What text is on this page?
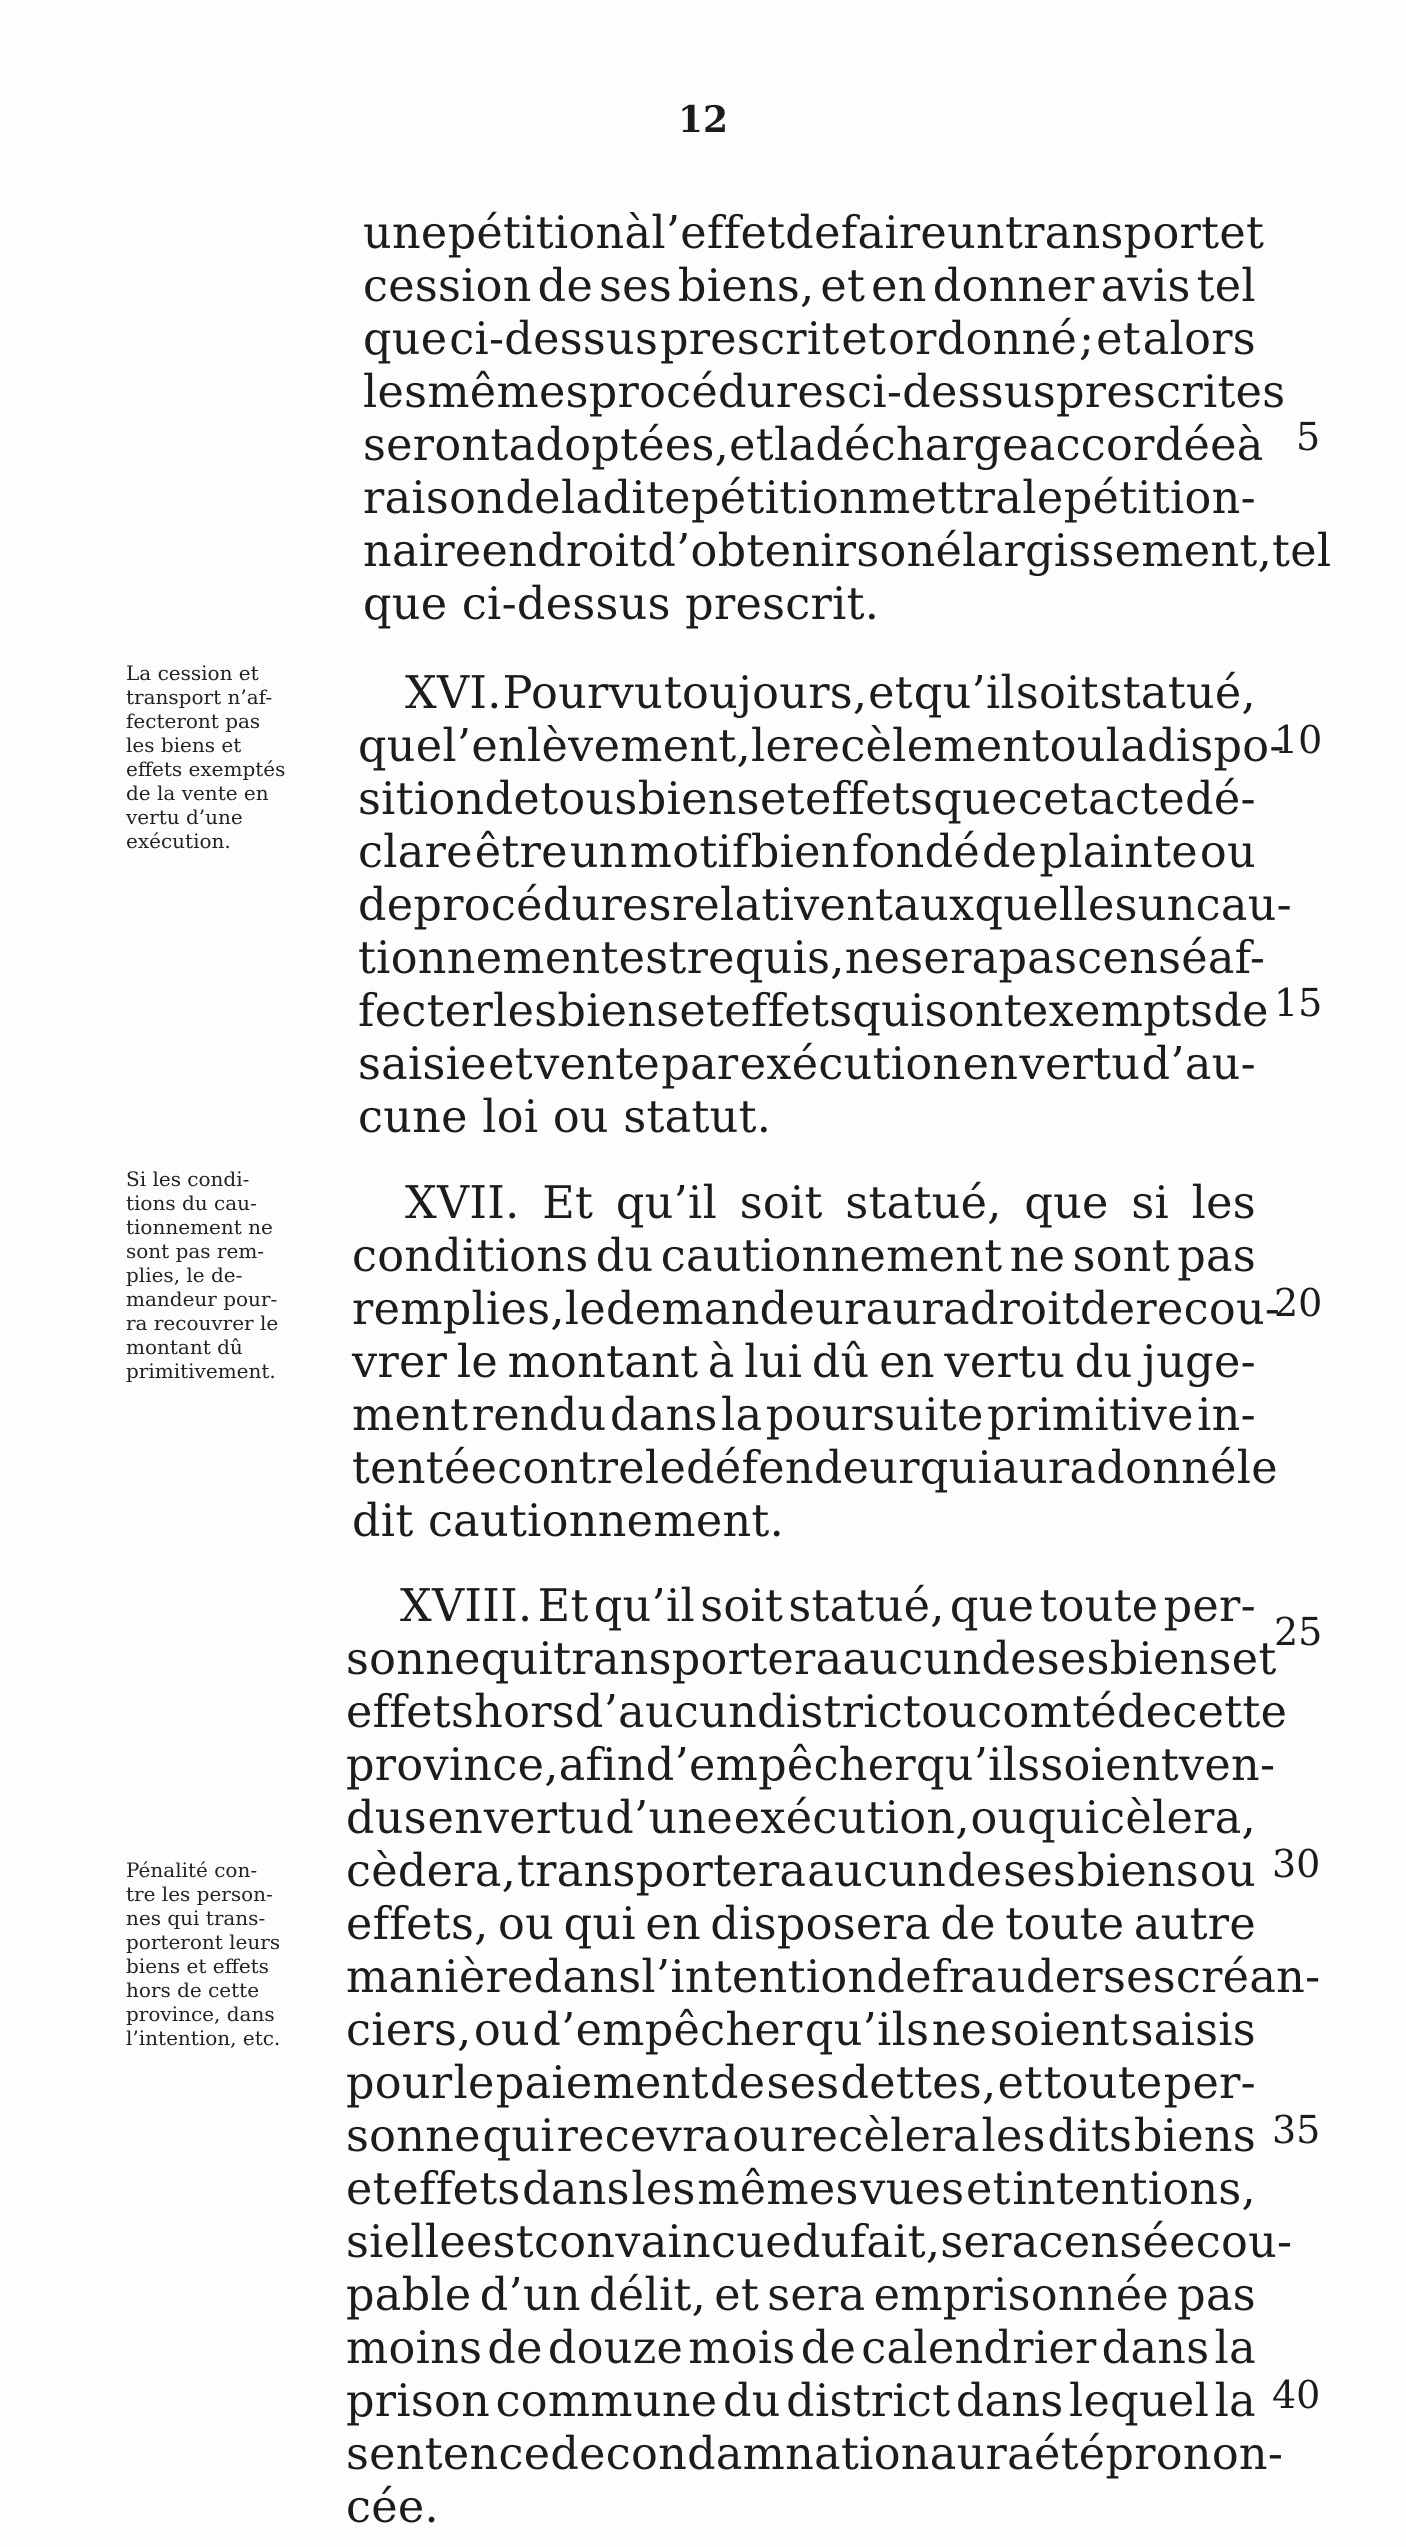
12
une pétition à l’effet de faire un transport et
cession de ses biens, et en donner avis tel
que ci-dessus prescrit et ordonné ; et alors
les mêmes procédures ci-dessus prescrites
seront adoptées, et la décharge accordée à
raison de la dite pétition mettra le pétition-
naire en droit d’obtenir son élargissement, tel
que ci-dessus prescrit.
XVI. Pourvu toujours, et qu’il soit statué,
que l’enlèvement, le recèlement ou la dispo-
sition de tous biens et effets que cet acte dé-
clare être un motif bien fondé de plainte ou
de procédures relativent auxquelles un cau-
tionnement est requis, ne sera pas censé af-
fecter les biens et effets qui sont exempts de
saisie et vente par exécution en vertu d’au-
cune loi ou statut.
XVII. Et qu’il soit statué, que si les
conditions du cautionnement ne sont pas
remplies, le demandeur aura droit de recou-
vrer le montant à lui dû en vertu du juge-
ment rendu dans la poursuite primitive in-
tentée contre le défendeur qui aura donné le
dit cautionnement.
XVIII. Et qu’il soit statué, que toute per-
sonne qui transportera aucun de ses biens et
effets hors d’aucun district ou comté de cette
province, afin d’empêcher qu’ils soient ven-
dus en vertu d’une exécution, ou qui cèlera,
cèdera, transportera aucun de ses biens ou
effets, ou qui en disposera de toute autre
manière dans l’intention de frauder ses créan-
ciers, ou d’empêcher qu’ils ne soient saisis
pour le paiement de ses dettes, et toute per-
sonne qui recevra ou recèlera les dits biens
et effets dans les mêmes vues et intentions,
si elle est convaincue du fait, sera censée cou-
pable d’un délit, et sera emprisonnée pas
moins de douze mois de calendrier dans la
prison commune du district dans lequel la
sentence de condamnation aura été pronon-
cée.
La cession et
transport n’af-
fecteront pas
les biens et
effets exemptés
de la vente en
vertu d’une
exécution.
Si les condi-
tions du cau-
tionnement ne
sont pas rem-
plies, le de-
mandeur pour-
ra recouvrer le
montant dû
primitivement.
Pénalité con-
tre les person-
nes qui trans-
porteront leurs
biens et effets
hors de cette
province, dans
l’intention, etc.
5
10
15
20
25
30
35
40
